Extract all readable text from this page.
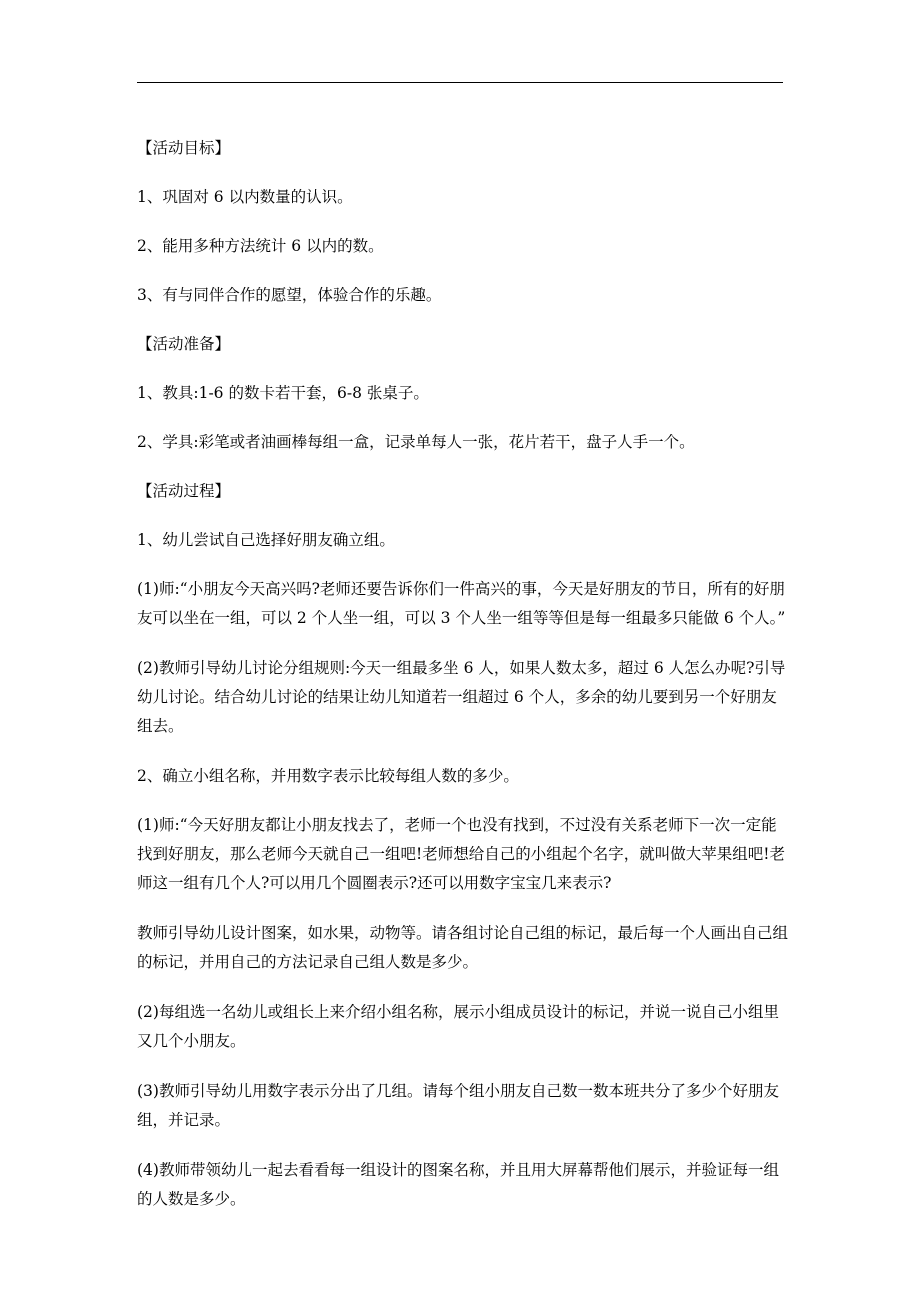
【活动目标】

1、巩固对 6 以内数量的认识。

2、能用多种方法统计 6 以内的数。

3、有与同伴合作的愿望，体验合作的乐趣。

【活动准备】

1、教具:1-6 的数卡若干套，6-8 张桌子。

2、学具:彩笔或者油画棒每组一盒，记录单每人一张，花片若干，盘子人手一个。

【活动过程】

1、幼儿尝试自己选择好朋友确立组。

(1)师:“小朋友今天高兴吗?老师还要告诉你们一件高兴的事，今天是好朋友的节日，所有的好朋友可以坐在一组，可以 2 个人坐一组，可以 3 个人坐一组等等但是每一组最多只能做 6 个人。”

(2)教师引导幼儿讨论分组规则:今天一组最多坐 6 人，如果人数太多，超过 6 人怎么办呢?引导幼儿讨论。结合幼儿讨论的结果让幼儿知道若一组超过 6 个人，多余的幼儿要到另一个好朋友组去。

2、确立小组名称，并用数字表示比较每组人数的多少。

(1)师:“今天好朋友都让小朋友找去了，老师一个也没有找到，不过没有关系老师下一次一定能找到好朋友，那么老师今天就自己一组吧!老师想给自己的小组起个名字，就叫做大苹果组吧!老师这一组有几个人?可以用几个圆圈表示?还可以用数字宝宝几来表示?

教师引导幼儿设计图案，如水果，动物等。请各组讨论自己组的标记，最后每一个人画出自己组的标记，并用自己的方法记录自己组人数是多少。

(2)每组选一名幼儿或组长上来介绍小组名称，展示小组成员设计的标记，并说一说自己小组里又几个小朋友。

(3)教师引导幼儿用数字表示分出了几组。请每个组小朋友自己数一数本班共分了多少个好朋友组，并记录。

(4)教师带领幼儿一起去看看每一组设计的图案名称，并且用大屏幕帮他们展示，并验证每一组的人数是多少。
